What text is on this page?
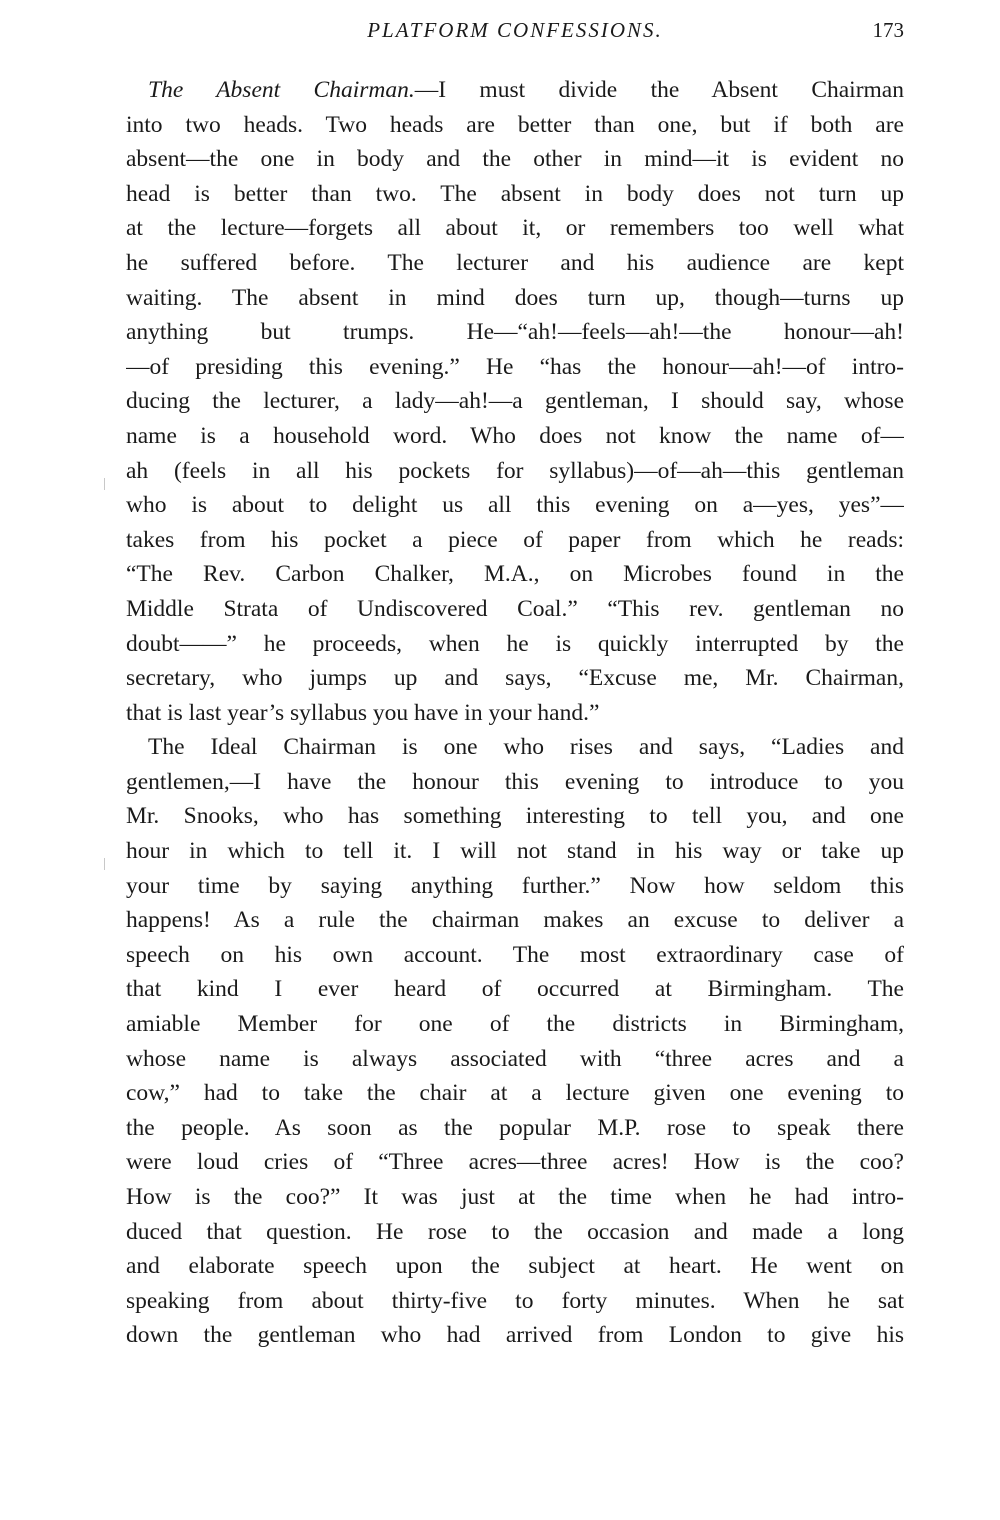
PLATFORM CONFESSIONS.	173
The Absent Chairman.—I must divide the Absent Chairman
into two heads. Two heads are better than one, but if both are
absent—the one in body and the other in mind—it is evident no
head is better than two. The absent in body does not turn up
at the lecture—forgets all about it, or remembers too well what
he suffered before. The lecturer and his audience are kept
waiting. The absent in mind does turn up, though—turns up
anything but trumps. He—“ah!—feels—ah!—the honour—ah!
—of presiding this evening.” He “has the honour—ah!—of intro-
ducing the lecturer, a lady—ah!—a gentleman, I should say, whose
name is a household word. Who does not know the name of—
ah (feels in all his pockets for syllabus)—of—ah—this gentleman
who is about to delight us all this evening on a—yes, yes”—
takes from his pocket a piece of paper from which he reads:
“The Rev. Carbon Chalker, M.A., on Microbes found in the
Middle Strata of Undiscovered Coal.” “This rev. gentleman no
doubt——” he proceeds, when he is quickly interrupted by the
secretary, who jumps up and says, “Excuse me, Mr. Chairman,
that is last year’s syllabus you have in your hand.”
The Ideal Chairman is one who rises and says, “Ladies and
gentlemen,—I have the honour this evening to introduce to you
Mr. Snooks, who has something interesting to tell you, and one
hour in which to tell it. I will not stand in his way or take up
your time by saying anything further.” Now how seldom this
happens! As a rule the chairman makes an excuse to deliver a
speech on his own account. The most extraordinary case of
that kind I ever heard of occurred at Birmingham. The
amiable Member for one of the districts in Birmingham,
whose name is always associated with “three acres and a
cow,” had to take the chair at a lecture given one evening to
the people. As soon as the popular M.P. rose to speak there
were loud cries of “Three acres—three acres! How is the coo?
How is the coo?” It was just at the time when he had intro-
duced that question. He rose to the occasion and made a long
and elaborate speech upon the subject at heart. He went on
speaking from about thirty-five to forty minutes. When he sat
down the gentleman who had arrived from London to give his
